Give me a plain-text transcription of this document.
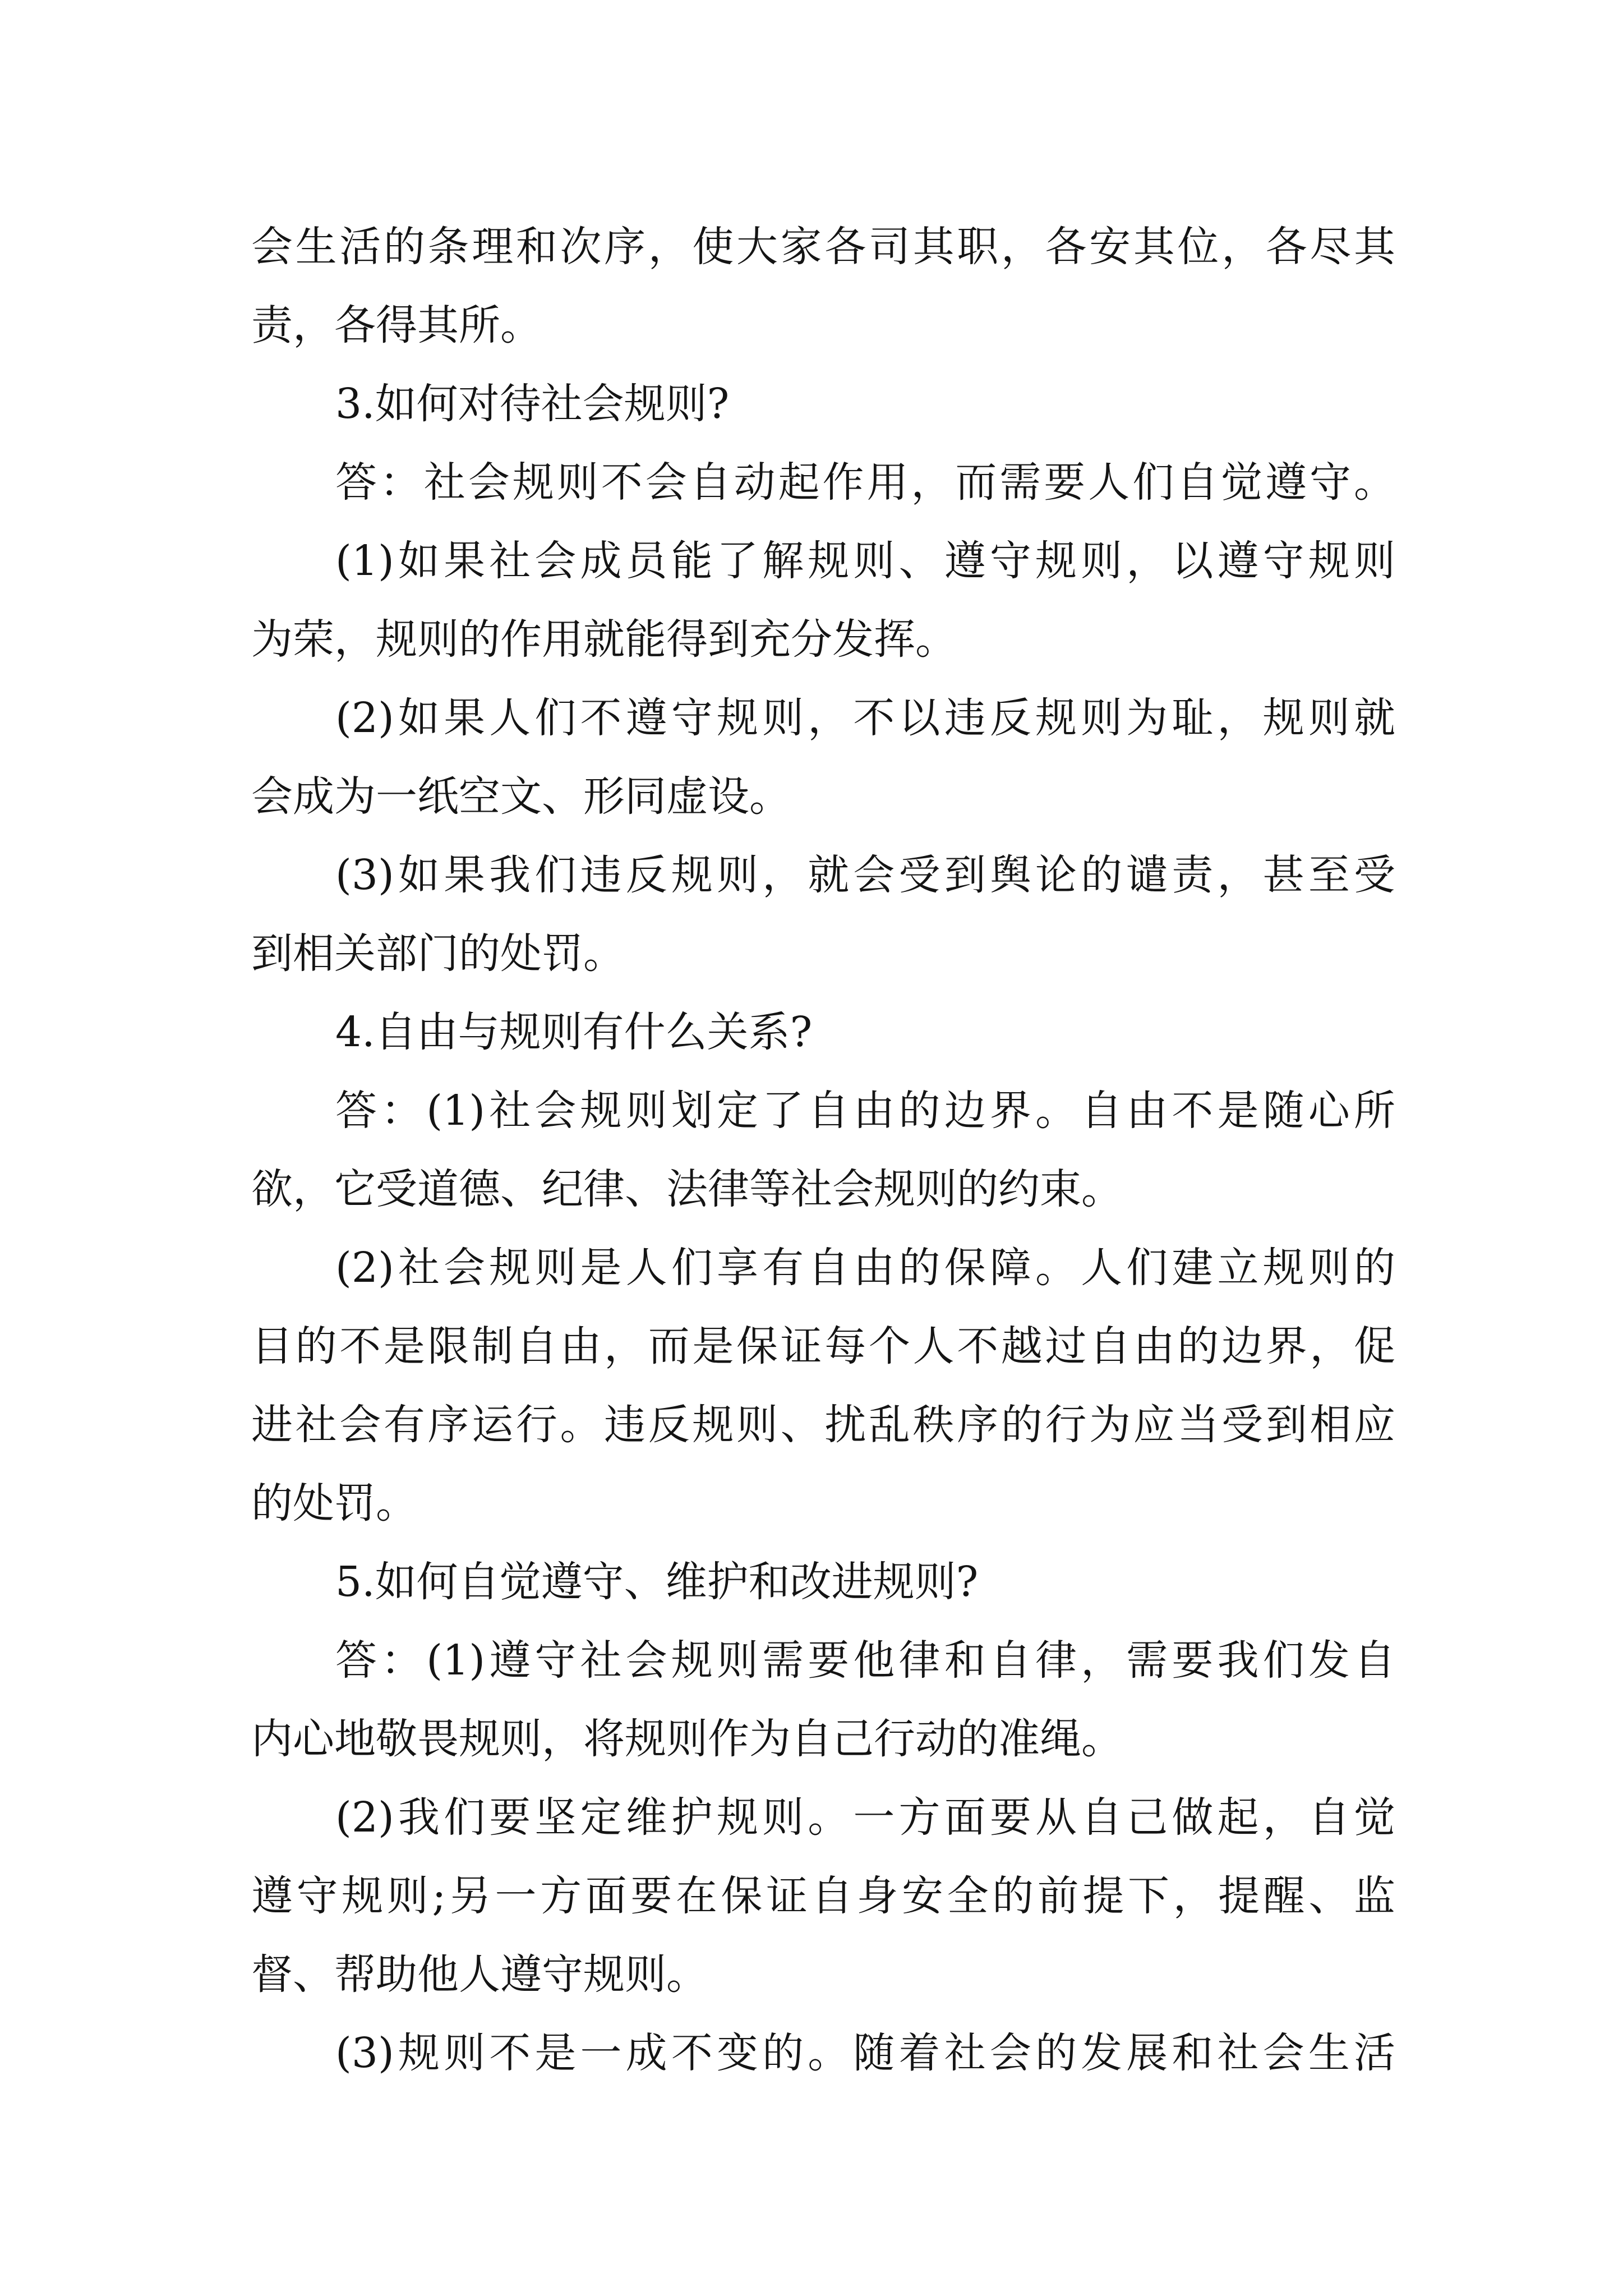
会生活的条理和次序，使大家各司其职，各安其位，各尽其
责，各得其所。
3.如何对待社会规则?
答：社会规则不会自动起作用，而需要人们自觉遵守。
(1)如果社会成员能了解规则、遵守规则，以遵守规则
为荣，规则的作用就能得到充分发挥。
(2)如果人们不遵守规则，不以违反规则为耻，规则就
会成为一纸空文、形同虚设。
(3)如果我们违反规则，就会受到舆论的谴责，甚至受
到相关部门的处罚。
4.自由与规则有什么关系?
答：(1)社会规则划定了自由的边界。自由不是随心所
欲，它受道德、纪律、法律等社会规则的约束。
(2)社会规则是人们享有自由的保障。人们建立规则的
目的不是限制自由，而是保证每个人不越过自由的边界，促
进社会有序运行。违反规则、扰乱秩序的行为应当受到相应
的处罚。
5.如何自觉遵守、维护和改进规则?
答：(1)遵守社会规则需要他律和自律，需要我们发自
内心地敬畏规则，将规则作为自己行动的准绳。
(2)我们要坚定维护规则。一方面要从自己做起，自觉
遵守规则;另一方面要在保证自身安全的前提下，提醒、监
督、帮助他人遵守规则。
(3)规则不是一成不变的。随着社会的发展和社会生活
